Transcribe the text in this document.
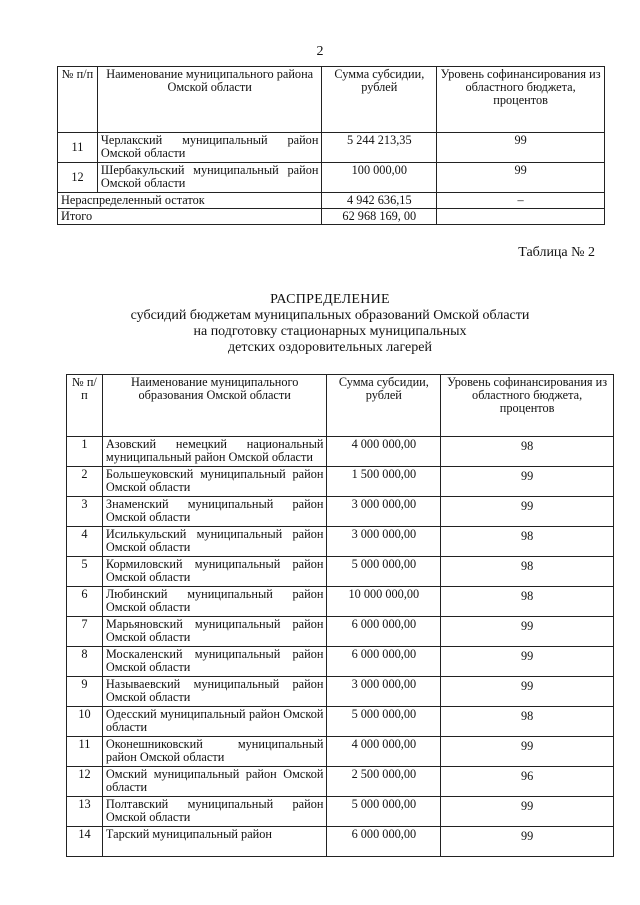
2
№ п/п	Наименование муниципального района Омской области	Сумма субсидии, рублей	Уровень софинансирования из областного бюджета, процентов
11	Черлакский муниципальный район Омской области	5 244 213,35	99
12	Шербакульский муниципальный район Омской области	100 000,00	99
Нераспределенный остаток		4 942 636,15	–
Итого		62 968 169, 00	
Таблица № 2
РАСПРЕДЕЛЕНИЕ
субсидий бюджетам муниципальных образований Омской области
на подготовку стационарных муниципальных
детских оздоровительных лагерей
№ п/п	Наименование муниципального образования Омской области	Сумма субсидии, рублей	Уровень софинансирования из областного бюджета, процентов
1	Азовский немецкий национальный муниципальный район Омской области	4 000 000,00	98
2	Большеуковский муниципальный район Омской области	1 500 000,00	99
3	Знаменский муниципальный район Омской области	3 000 000,00	99
4	Исилькульский муниципальный район Омской области	3 000 000,00	98
5	Кормиловский муниципальный район Омской области	5 000 000,00	98
6	Любинский муниципальный район Омской области	10 000 000,00	98
7	Марьяновский муниципальный район Омской области	6 000 000,00	99
8	Москаленский муниципальный район Омской области	6 000 000,00	99
9	Называевский муниципальный район Омской области	3 000 000,00	99
10	Одесский муниципальный район Омской области	5 000 000,00	98
11	Оконешниковский муниципальный район Омской области	4 000 000,00	99
12	Омский муниципальный район Омской области	2 500 000,00	96
13	Полтавский муниципальный район Омской области	5 000 000,00	99
14	Тарский муниципальный район	6 000 000,00	99
